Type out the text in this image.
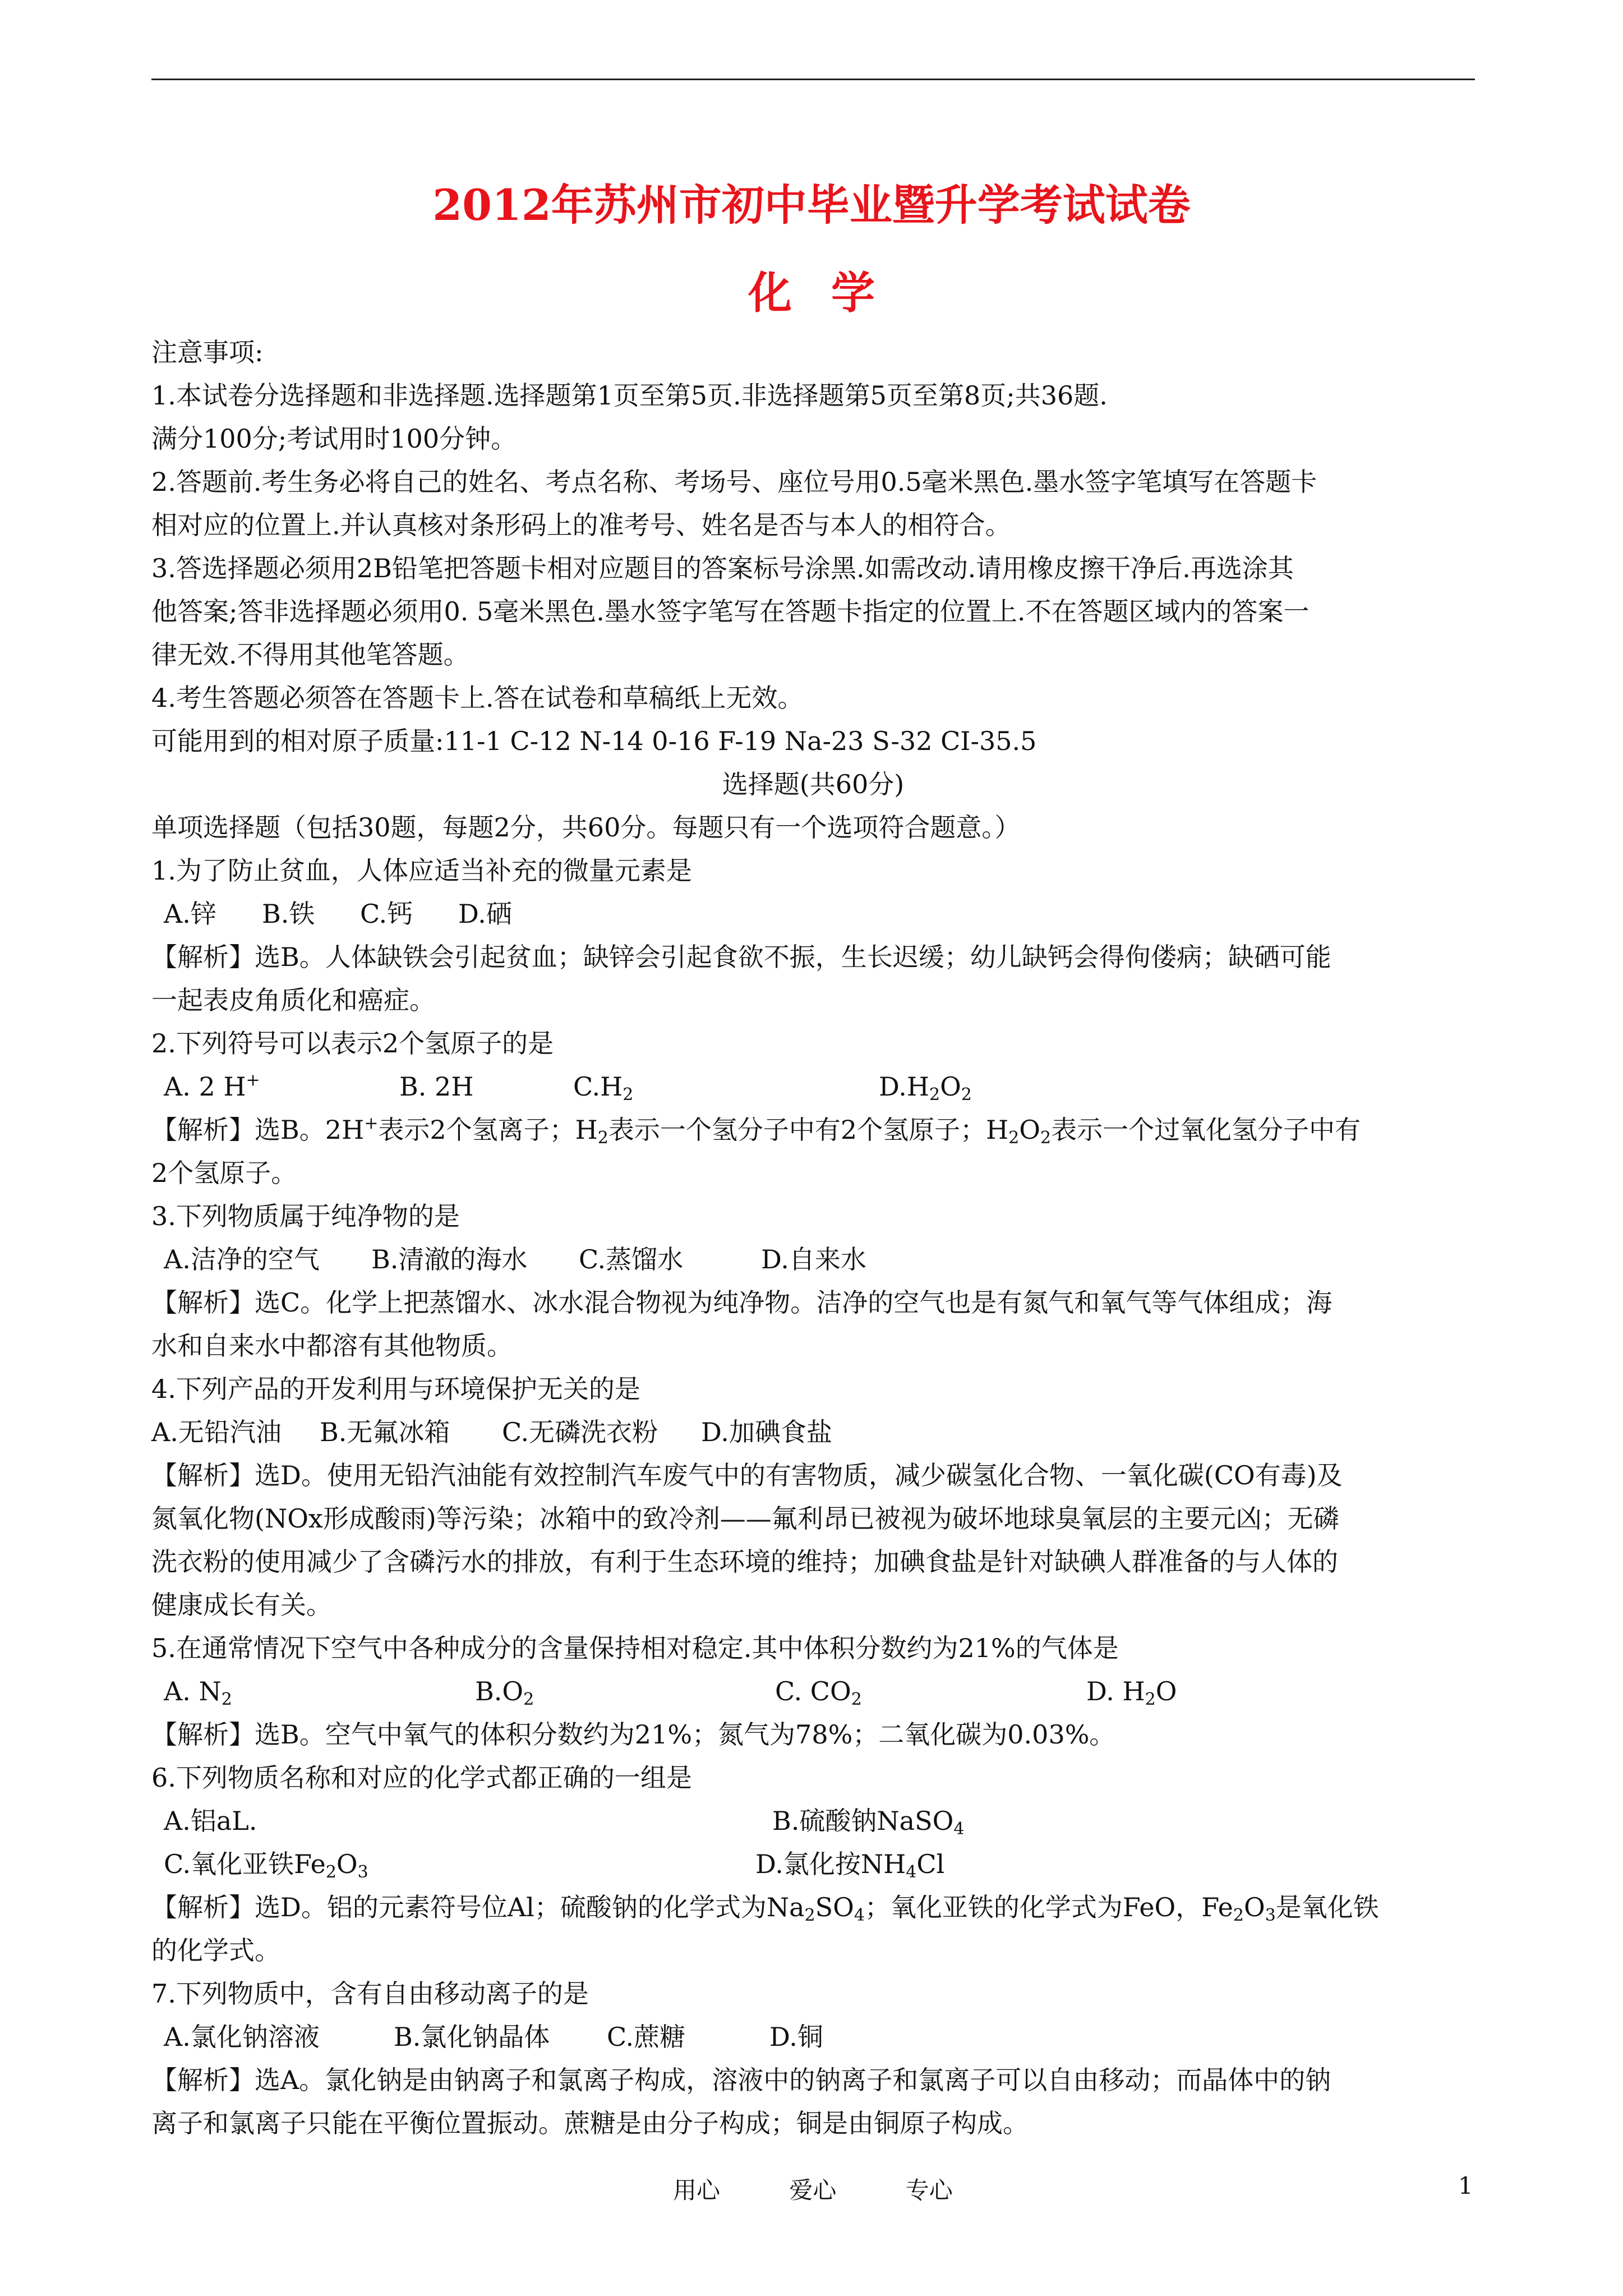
2012年苏州市初中毕业暨升学考试试卷
化学
注意事项:
1.本试卷分选择题和非选择题.选择题第1页至第5页.非选择题第5页至第8页;共36题.
满分100分;考试用时100分钟。
2.答题前.考生务必将自己的姓名、考点名称、考场号、座位号用0.5毫米黑色.墨水签字笔填写在答题卡
相对应的位置上.并认真核对条形码上的准考号、姓名是否与本人的相符合。
3.答选择题必须用2B铅笔把答题卡相对应题目的答案标号涂黑.如需改动.请用橡皮擦干净后.再选涂其
他答案;答非选择题必须用0. 5毫米黑色.墨水签字笔写在答题卡指定的位置上.不在答题区域内的答案一
律无效.不得用其他笔答题。
4.考生答题必须答在答题卡上.答在试卷和草稿纸上无效。
可能用到的相对原子质量:11-1 C-12 N-14 0-16 F-19 Na-23 S-32 CI-35.5
选择题(共60分)
单项选择题（包括30题，每题2分，共60分。每题只有一个选项符合题意。）
1.为了防止贫血，人体应适当补充的微量元素是
A.锌	B.铁	C.钙	D.硒
【解析】选B。人体缺铁会引起贫血；缺锌会引起食欲不振，生长迟缓；幼儿缺钙会得佝偻病；缺硒可能
一起表皮角质化和癌症。
2.下列符号可以表示2个氢原子的是
A. 2 H+	B. 2H	$C.H_2$	$D.H_2O_2$
【解析】选B。2H+表示2个氢离子；$H_2$表示一个氢分子中有2个氢原子；$H_2O_2$表示一个过氧化氢分子中有
2个氢原子。
3.下列物质属于纯净物的是
A.洁净的空气	B.清澈的海水	C.蒸馏水	D.自来水
【解析】选C。化学上把蒸馏水、冰水混合物视为纯净物。洁净的空气也是有氮气和氧气等气体组成；海
水和自来水中都溶有其他物质。
4.下列产品的开发利用与环境保护无关的是
A.无铅汽油	B.无氟冰箱	C.无磷洗衣粉	D.加碘食盐
【解析】选D。使用无铅汽油能有效控制汽车废气中的有害物质，减少碳氢化合物、一氧化碳(CO有毒)及
氮氧化物(NOx形成酸雨)等污染；冰箱中的致冷剂——氟利昂已被视为破坏地球臭氧层的主要元凶；无磷
洗衣粉的使用减少了含磷污水的排放，有利于生态环境的维持；加碘食盐是针对缺碘人群准备的与人体的
健康成长有关。
5.在通常情况下空气中各种成分的含量保持相对稳定.其中体积分数约为21%的气体是
A. $N_2$	$B.O_2$	C. $CO_2$	D. $H_2O$
【解析】选B。空气中氧气的体积分数约为21%；氮气为78%；二氧化碳为0.03%。
6.下列物质名称和对应的化学式都正确的一组是
A.铝aL.	B.硫酸钠NaSO$_4$
C.氧化亚铁$Fe_2O_3$	D.氯化按$NH_4Cl$
【解析】选D。铝的元素符号位Al；硫酸钠的化学式为$Na_2SO_4$；氧化亚铁的化学式为FeO，$Fe_2O_3$是氧化铁
的化学式。
7.下列物质中，含有自由移动离子的是
A.氯化钠溶液	B.氯化钠晶体	C.蔗糖	D.铜
【解析】选A。氯化钠是由钠离子和氯离子构成，溶液中的钠离子和氯离子可以自由移动；而晶体中的钠
离子和氯离子只能在平衡位置振动。蔗糖是由分子构成；铜是由铜原子构成。
用心	爱心	专心	1
